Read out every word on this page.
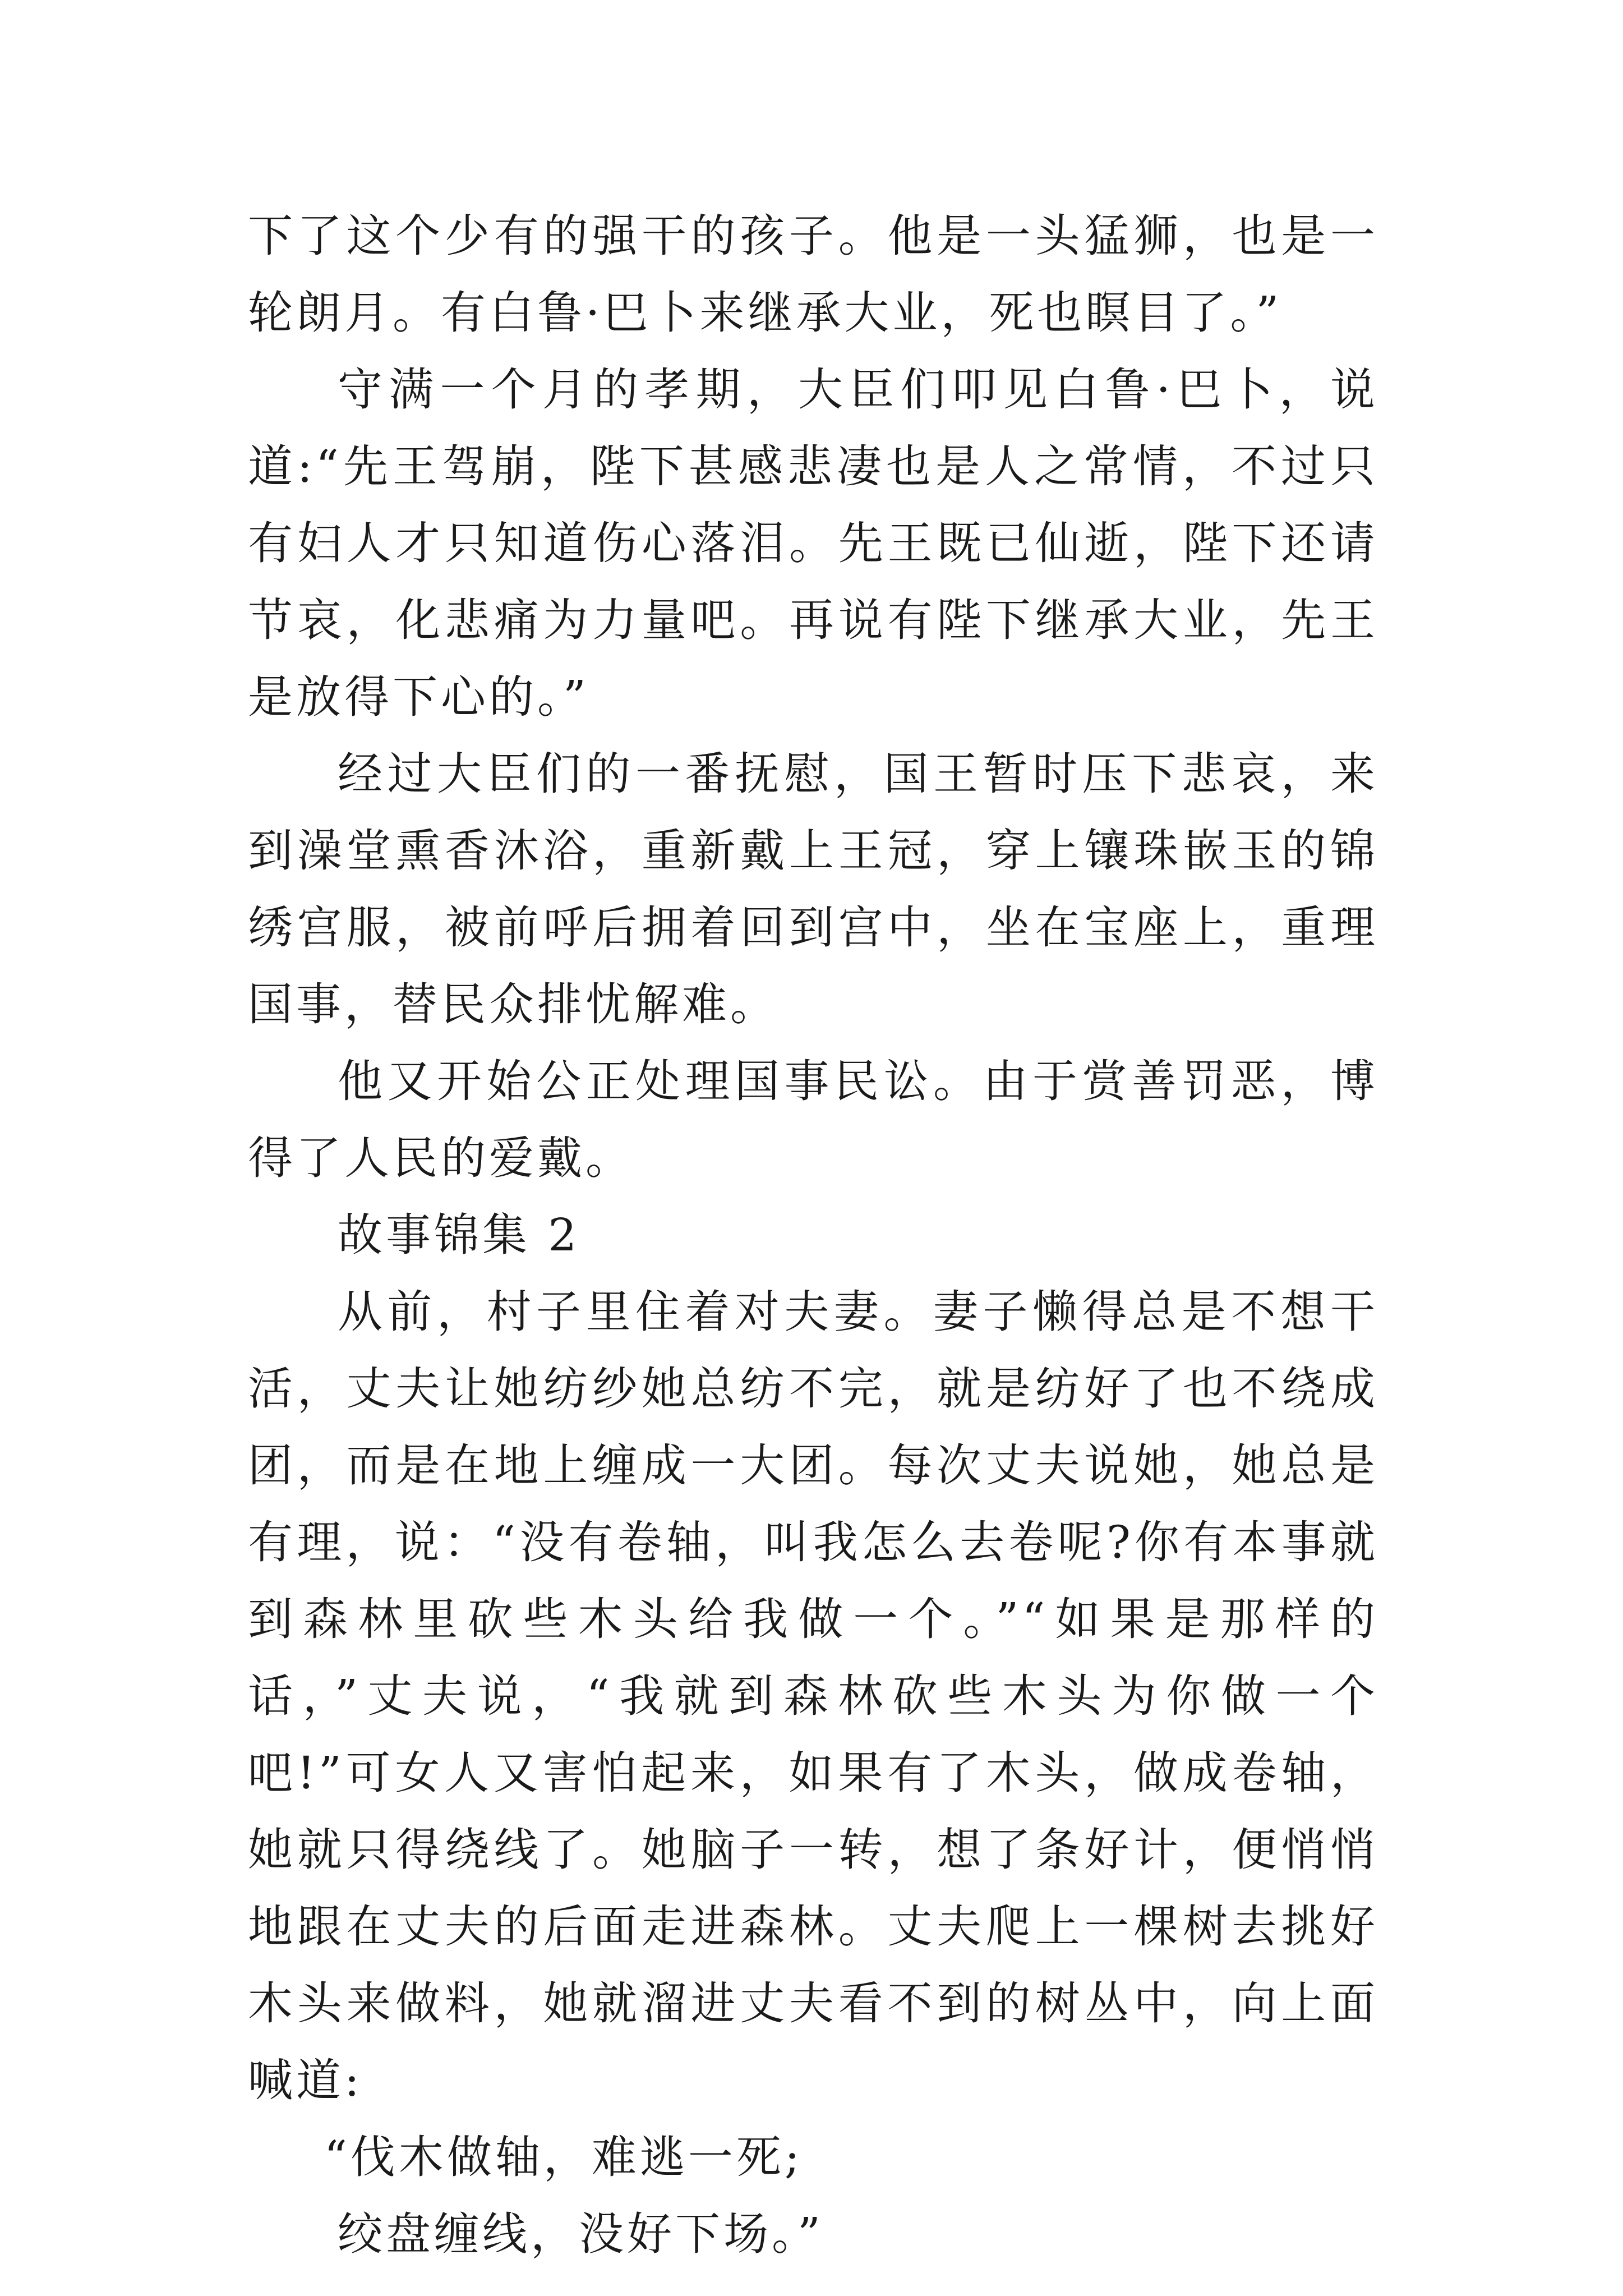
下了这个少有的强干的孩子。他是一头猛狮，也是一轮朗月。有白鲁·巴卜来继承大业，死也瞑目了。”

守满一个月的孝期，大臣们叩见白鲁·巴卜，说道:“先王驾崩，陛下甚感悲凄也是人之常情，不过只有妇人才只知道伤心落泪。先王既已仙逝，陛下还请节哀，化悲痛为力量吧。再说有陛下继承大业，先王是放得下心的。”

经过大臣们的一番抚慰，国王暂时压下悲哀，来到澡堂熏香沐浴，重新戴上王冠，穿上镶珠嵌玉的锦绣宫服，被前呼后拥着回到宫中，坐在宝座上，重理国事，替民众排忧解难。

他又开始公正处理国事民讼。由于赏善罚恶，博得了人民的爱戴。

故事锦集 2

从前，村子里住着对夫妻。妻子懒得总是不想干活，丈夫让她纺纱她总纺不完，就是纺好了也不绕成团，而是在地上缠成一大团。每次丈夫说她，她总是有理，说：“没有卷轴，叫我怎么去卷呢?你有本事就到森林里砍些木头给我做一个。”“如果是那样的话，”丈夫说，“我就到森林砍些木头为你做一个吧!”可女人又害怕起来，如果有了木头，做成卷轴，她就只得绕线了。她脑子一转，想了条好计，便悄悄地跟在丈夫的后面走进森林。丈夫爬上一棵树去挑好木头来做料，她就溜进丈夫看不到的树丛中，向上面喊道:

“伐木做轴，难逃一死;

绞盘缠线，没好下场。”
